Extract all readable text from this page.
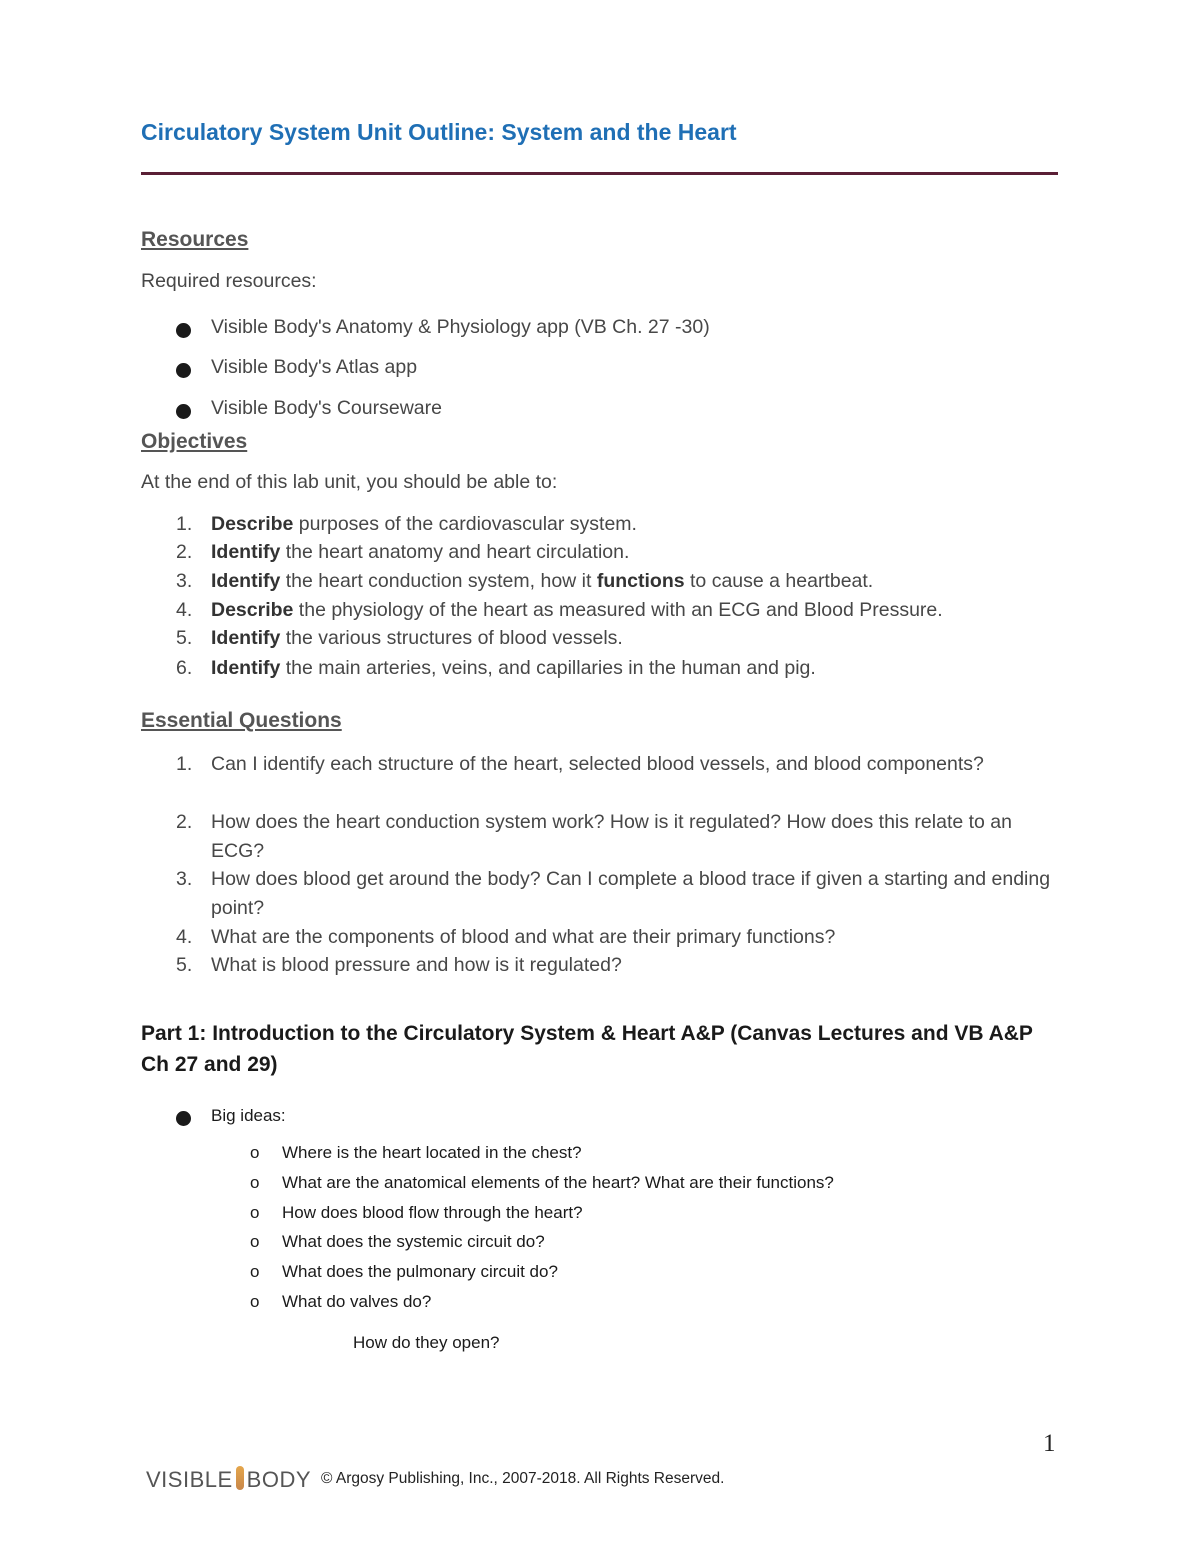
Circulatory System Unit Outline: System and the Heart
Resources
Required resources:
Visible Body's Anatomy & Physiology app (VB Ch. 27 -30)
Visible Body's Atlas app
Visible Body's Courseware
Objectives
At the end of this lab unit, you should be able to:
1. Describe purposes of the cardiovascular system.
2. Identify the heart anatomy and heart circulation.
3. Identify the heart conduction system, how it functions to cause a heartbeat.
4. Describe the physiology of the heart as measured with an ECG and Blood Pressure.
5. Identify the various structures of blood vessels.
6. Identify the main arteries, veins, and capillaries in the human and pig.
Essential Questions
1. Can I identify each structure of the heart, selected blood vessels, and blood components?
2. How does the heart conduction system work? How is it regulated? How does this relate to an ECG?
3. How does blood get around the body? Can I complete a blood trace if given a starting and ending point?
4. What are the components of blood and what are their primary functions?
5. What is blood pressure and how is it regulated?
Part 1: Introduction to the Circulatory System & Heart A&P (Canvas Lectures and VB A&P Ch 27 and 29)
Big ideas:
o Where is the heart located in the chest?
o What are the anatomical elements of the heart? What are their functions?
o How does blood flow through the heart?
o What does the systemic circuit do?
o What does the pulmonary circuit do?
o What do valves do?
How do they open?
1
VISIBLE BODY © Argosy Publishing, Inc., 2007-2018. All Rights Reserved.
